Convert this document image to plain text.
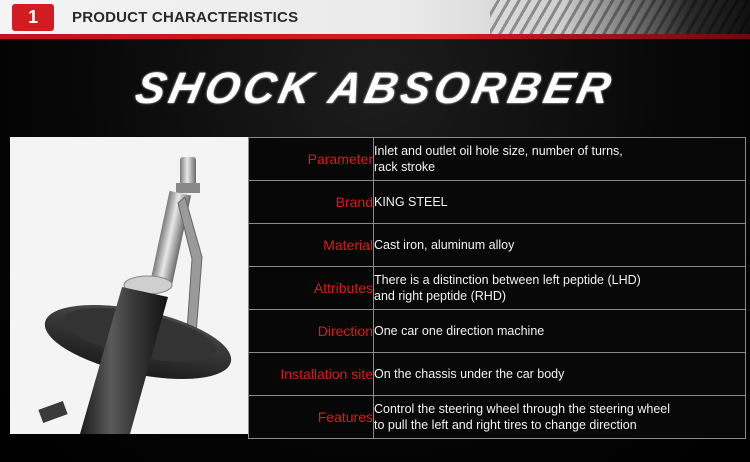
1	PRODUCT CHARACTERISTICS
SHOCK ABSORBER
Parameter	Inlet and outlet oil hole size, number of turns,
rack stroke

Brand	KING STEEL

Material	Cast iron, aluminum alloy

Attributes	There is a distinction between left peptide (LHD)
and right peptide (RHD)

Direction	One car one direction machine

Installation site	On the chassis under the car body

Features	Control the steering wheel through the steering wheel
to pull the left and right tires to change direction
